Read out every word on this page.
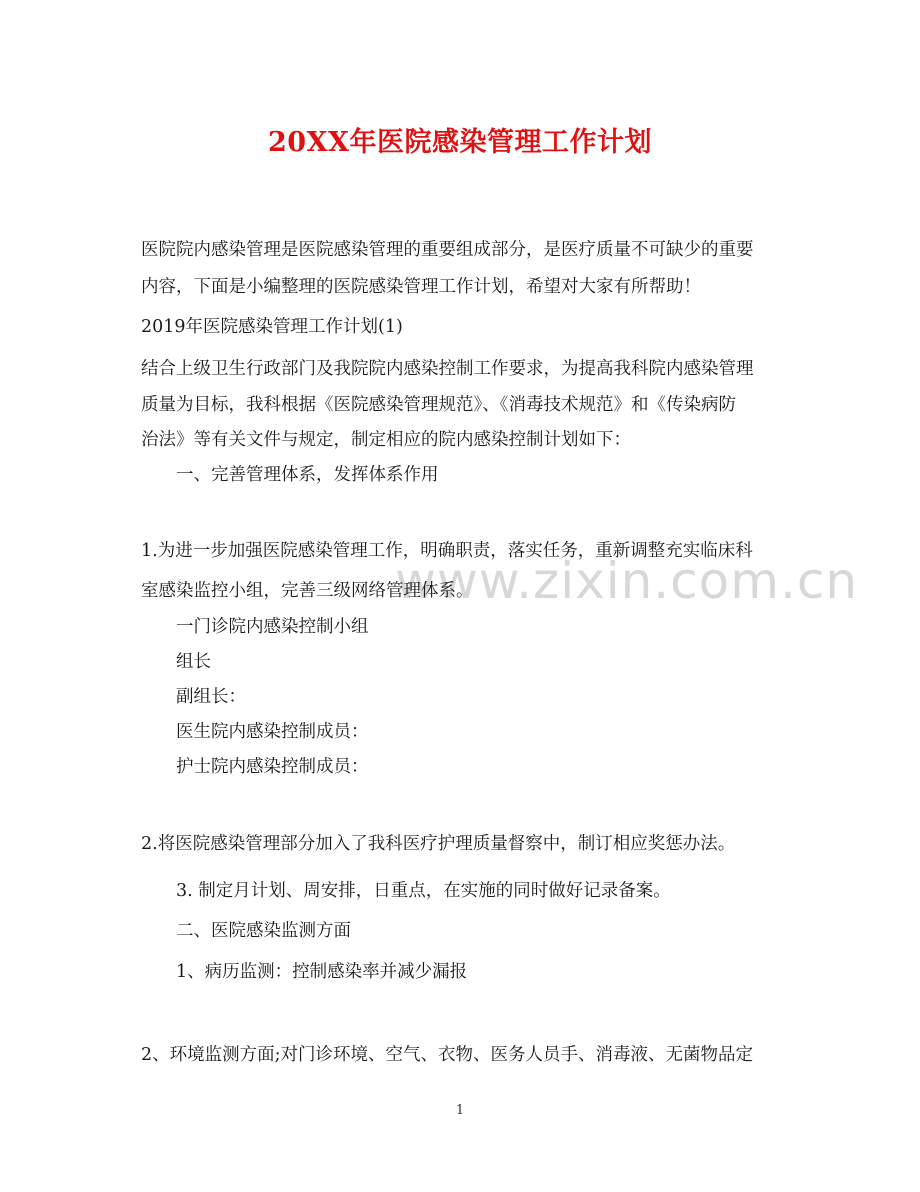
20XX年医院感染管理工作计划
www.zixin.com.cn
医院院内感染管理是医院感染管理的重要组成部分，是医疗质量不可缺少的重要
内容，下面是小编整理的医院感染管理工作计划，希望对大家有所帮助！
2019年医院感染管理工作计划(1)
结合上级卫生行政部门及我院院内感染控制工作要求，为提高我科院内感染管理
质量为目标，我科根据《医院感染管理规范》、《消毒技术规范》和《传染病防
治法》等有关文件与规定，制定相应的院内感染控制计划如下：
一、完善管理体系，发挥体系作用
1.为进一步加强医院感染管理工作，明确职责，落实任务，重新调整充实临床科
室感染监控小组，完善三级网络管理体系。
一门诊院内感染控制小组
组长
副组长：
医生院内感染控制成员：
护士院内感染控制成员：
2.将医院感染管理部分加入了我科医疗护理质量督察中，制订相应奖惩办法。
3. 制定月计划、周安排，日重点，在实施的同时做好记录备案。
二、医院感染监测方面
1、病历监测：控制感染率并减少漏报
2、环境监测方面;对门诊环境、空气、衣物、医务人员手、消毒液、无菌物品定
1
